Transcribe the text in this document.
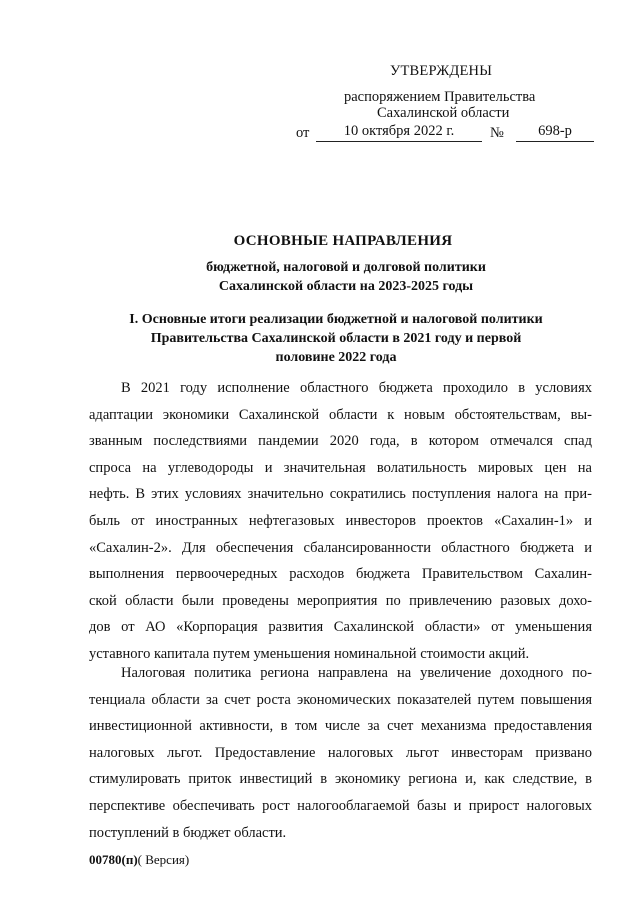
УТВЕРЖДЕНЫ
распоряжением Правительства
Сахалинской области
от	10 октября 2022 г.	№	698-р
ОСНОВНЫЕ НАПРАВЛЕНИЯ
бюджетной, налоговой и долговой политики
Сахалинской области на 2023-2025 годы
I. Основные итоги реализации бюджетной и налоговой политики
Правительства Сахалинской области в 2021 году и первой
половине 2022 года
В 2021 году исполнение областного бюджета проходило в условиях
адаптации экономики Сахалинской области к новым обстоятельствам, вы-
званным последствиями пандемии 2020 года, в котором отмечался спад
спроса на углеводороды и значительная волатильность мировых цен на
нефть. В этих условиях значительно сократились поступления налога на при-
быль от иностранных нефтегазовых инвесторов проектов «Сахалин-1» и
«Сахалин-2». Для обеспечения сбалансированности областного бюджета и
выполнения первоочередных расходов бюджета Правительством Сахалин-
ской области были проведены мероприятия по привлечению разовых дохо-
дов от АО «Корпорация развития Сахалинской области» от уменьшения
уставного капитала путем уменьшения номинальной стоимости акций.
Налоговая политика региона направлена на увеличение доходного по-
тенциала области за счет роста экономических показателей путем повышения
инвестиционной активности, в том числе за счет механизма предоставления
налоговых льгот. Предоставление налоговых льгот инвесторам призвано
стимулировать приток инвестиций в экономику региона и, как следствие, в
перспективе обеспечивать рост налогооблагаемой базы и прирост налоговых
поступлений в бюджет области.
00780(п)( Версия)
